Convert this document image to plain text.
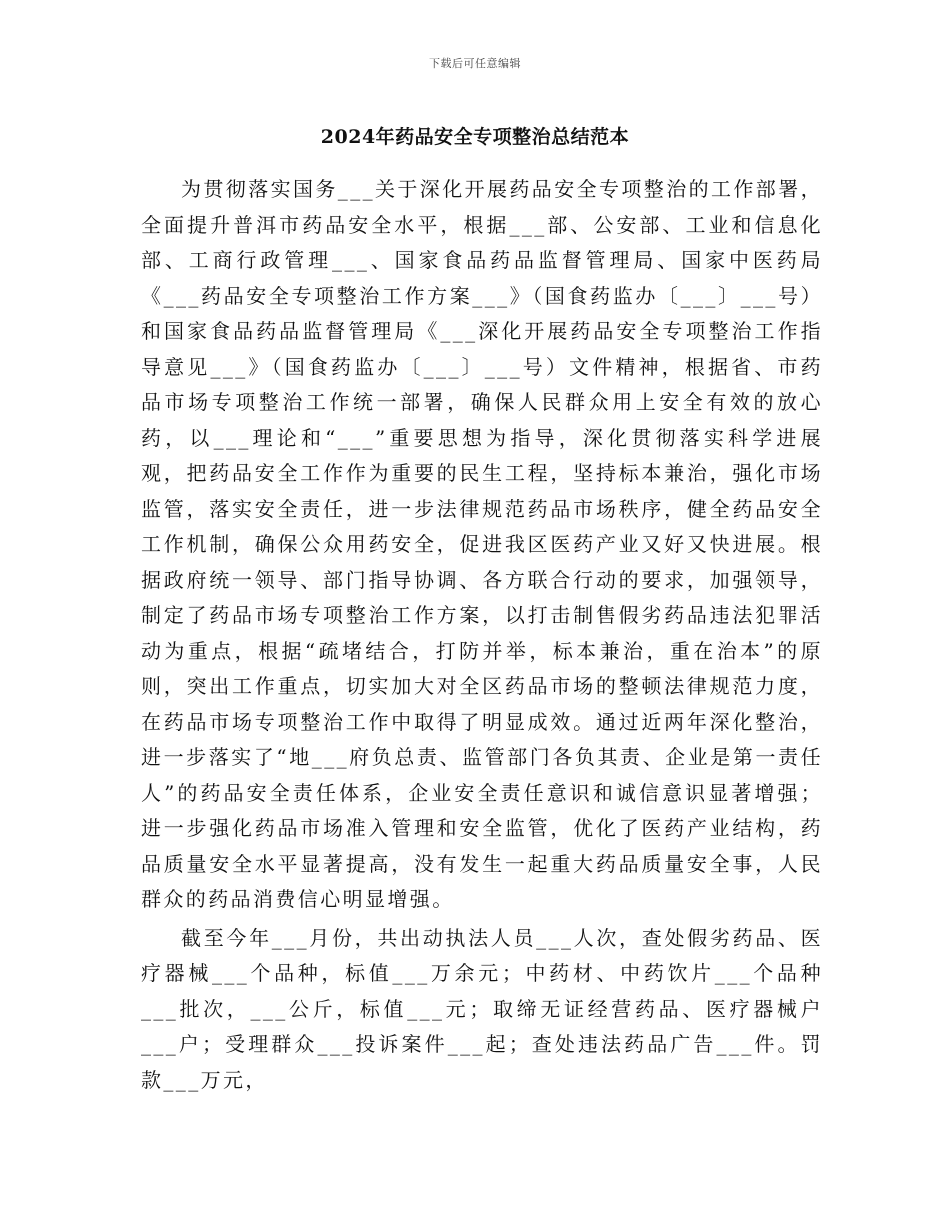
下载后可任意编辑
2024年药品安全专项整治总结范本

为贯彻落实国务___关于深化开展药品安全专项整治的工作部署，全面提升普洱市药品安全水平，根据___部、公安部、工业和信息化部、工商行政管理___、国家食品药品监督管理局、国家中医药局《___药品安全专项整治工作方案___》（国食药监办〔___〕___号）和国家食品药品监督管理局《___深化开展药品安全专项整治工作指导意见___》（国食药监办〔___〕___号）文件精神，根据省、市药品市场专项整治工作统一部署，确保人民群众用上安全有效的放心药，以___理论和“___”重要思想为指导，深化贯彻落实科学进展观，把药品安全工作作为重要的民生工程，坚持标本兼治，强化市场监管，落实安全责任，进一步法律规范药品市场秩序，健全药品安全工作机制，确保公众用药安全，促进我区医药产业又好又快进展。根据政府统一领导、部门指导协调、各方联合行动的要求，加强领导，制定了药品市场专项整治工作方案，以打击制售假劣药品违法犯罪活动为重点，根据“疏堵结合，打防并举，标本兼治，重在治本”的原则，突出工作重点，切实加大对全区药品市场的整顿法律规范力度，在药品市场专项整治工作中取得了明显成效。通过近两年深化整治，进一步落实了“地___府负总责、监管部门各负其责、企业是第一责任人”的药品安全责任体系，企业安全责任意识和诚信意识显著增强；进一步强化药品市场准入管理和安全监管，优化了医药产业结构，药品质量安全水平显著提高，没有发生一起重大药品质量安全事，人民群众的药品消费信心明显增强。

截至今年___月份，共出动执法人员___人次，查处假劣药品、医疗器械___个品种，标值___万余元；中药材、中药饮片___个品种___批次，___公斤，标值___元；取缔无证经营药品、医疗器械户___户；受理群众___投诉案件___起；查处违法药品广告___件。罚款___万元，
